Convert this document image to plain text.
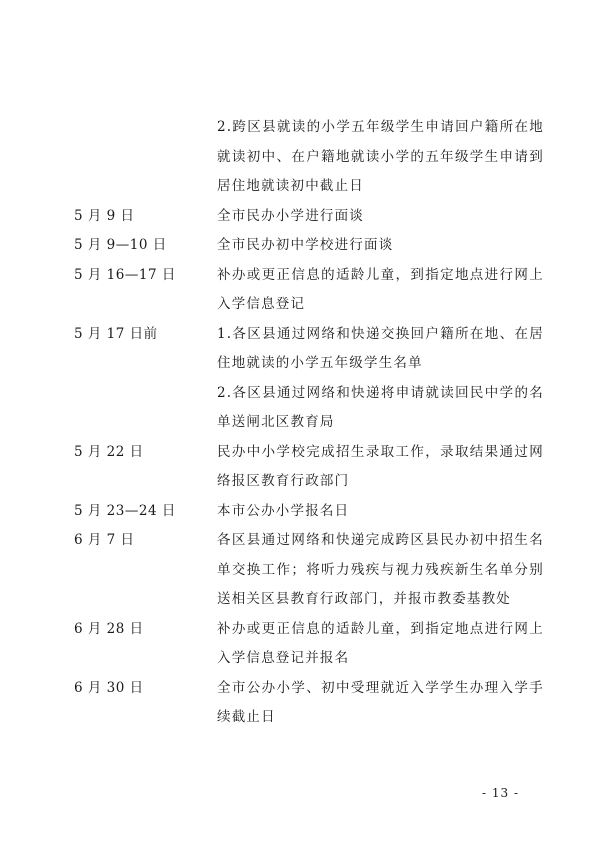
2.跨区县就读的小学五年级学生申请回户籍所在地就读初中、在户籍地就读小学的五年级学生申请到居住地就读初中截止日

5 月 9 日	全市民办小学进行面谈

5 月 9—10 日	全市民办初中学校进行面谈

5 月 16—17 日	补办或更正信息的适龄儿童，到指定地点进行网上入学信息登记

5 月 17 日前	1.各区县通过网络和快递交换回户籍所在地、在居住地就读的小学五年级学生名单

2.各区县通过网络和快递将申请就读回民中学的名单送闸北区教育局

5 月 22 日	民办中小学校完成招生录取工作，录取结果通过网络报区教育行政部门

5 月 23—24 日	本市公办小学报名日

6 月 7 日	各区县通过网络和快递完成跨区县民办初中招生名单交换工作；将听力残疾与视力残疾新生名单分别送相关区县教育行政部门，并报市教委基教处

6 月 28 日	补办或更正信息的适龄儿童，到指定地点进行网上入学信息登记并报名

6 月 30 日	全市公办小学、初中受理就近入学学生办理入学手续截止日

- 13 -
